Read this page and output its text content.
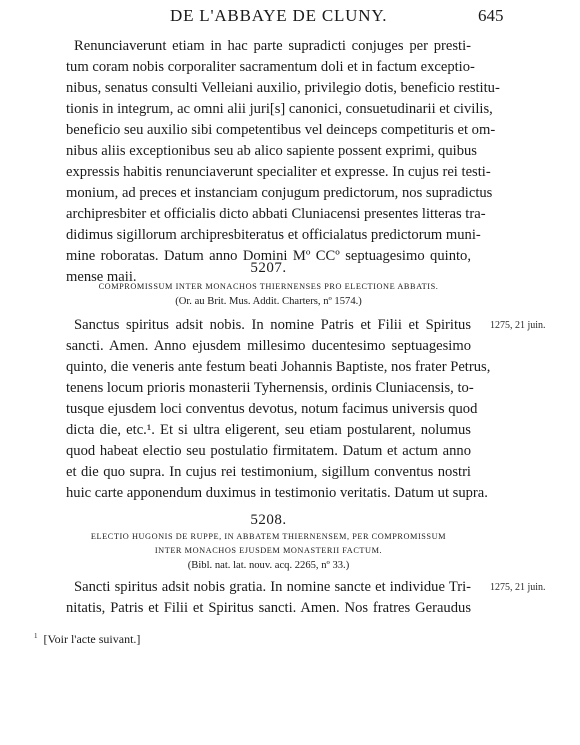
DE L'ABBAYE DE CLUNY.	645
Renunciaverunt etiam in hac parte supradicti conjuges per presti-
tum coram nobis corporaliter sacramentum doli et in factum exceptio-
nibus, senatus consulti Velleiani auxilio, privilegio dotis, beneficio restitu-
tionis in integrum, ac omni alii juri[s] canonici, consuetudinarii et civilis,
beneficio seu auxilio sibi competentibus vel deinceps competituris et om-
nibus aliis exceptionibus seu ab alico sapiente possent exprimi, quibus
expressis habitis renunciaverunt specialiter et expresse. In cujus rei testi-
monium, ad preces et instanciam conjugum predictorum, nos supradictus
archipresbiter et officialis dicto abbati Cluniacensi presentes litteras tra-
didimus sigillorum archipresbiteratus et officialatus predictorum muni-
mine roboratas. Datum anno Domini Mº CCº septuagesimo quinto,
mense maii.
5207.
COMPROMISSUM INTER MONACHOS THIERNENSES PRO ELECTIONE ABBATIS.
(Or. au Brit. Mus. Addit. Charters, nº 1574.)
1275, 21 juin.
Sanctus spiritus adsit nobis. In nomine Patris et Filii et Spiritus
sancti. Amen. Anno ejusdem millesimo ducentesimo septuagesimo
quinto, die veneris ante festum beati Johannis Baptiste, nos frater Petrus,
tenens locum prioris monasterii Tyhernensis, ordinis Cluniacensis, to-
tusque ejusdem loci conventus devotus, notum facimus universis quod
dicta die, etc.¹. Et si ultra eligerent, seu etiam postularent, nolumus
quod habeat electio seu postulatio firmitatem. Datum et actum anno
et die quo supra. In cujus rei testimonium, sigillum conventus nostri
huic carte apponendum duximus in testimonio veritatis. Datum ut supra.
5208.
ELECTIO HUGONIS DE RUPPE, IN ABBATEM THIERNENSEM, PER COMPROMISSUM
INTER MONACHOS EJUSDEM MONASTERII FACTUM.
(Bibl. nat. lat. nouv. acq. 2265, nº 33.)
1275, 21 juin.
Sancti spiritus adsit nobis gratia. In nomine sancte et individue Tri-
nitatis, Patris et Filii et Spiritus sancti. Amen. Nos fratres Geraudus
$^1$ [Voir l'acte suivant.]
